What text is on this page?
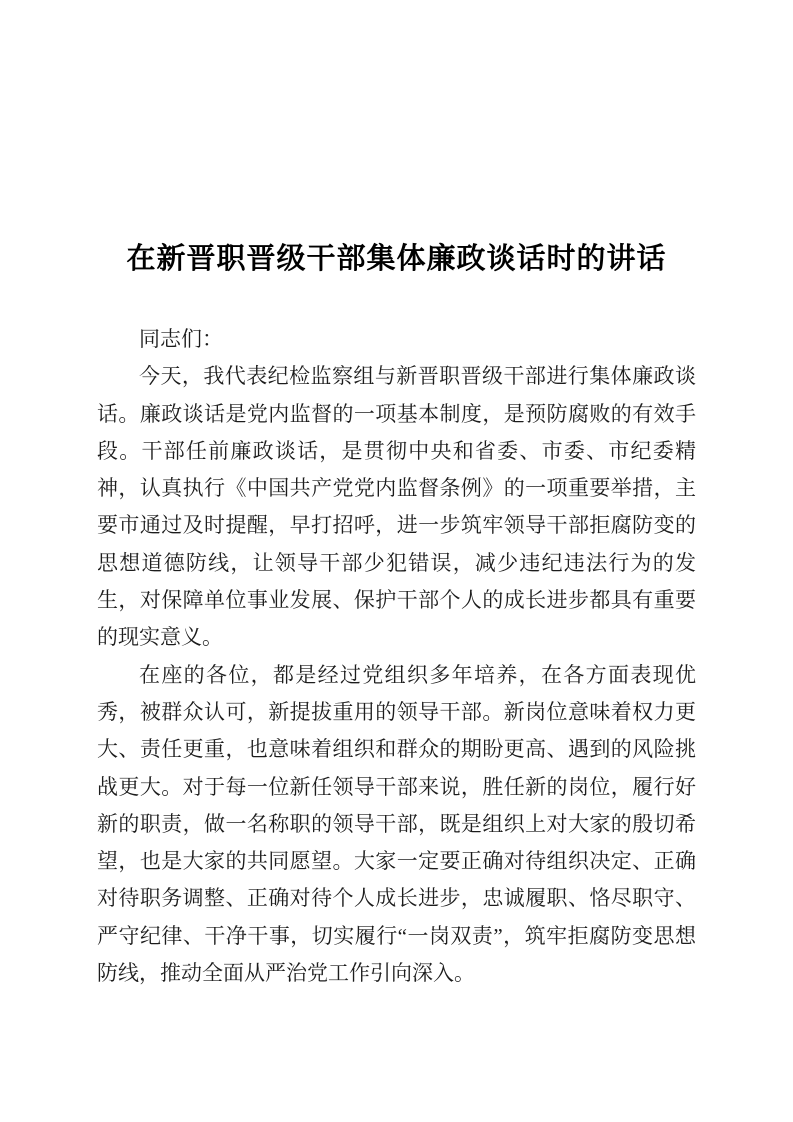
在新晋职晋级干部集体廉政谈话时的讲话

同志们：

今天，我代表纪检监察组与新晋职晋级干部进行集体廉政谈话。廉政谈话是党内监督的一项基本制度，是预防腐败的有效手段。干部任前廉政谈话，是贯彻中央和省委、市委、市纪委精神，认真执行《中国共产党党内监督条例》的一项重要举措，主要市通过及时提醒，早打招呼，进一步筑牢领导干部拒腐防变的思想道德防线，让领导干部少犯错误，减少违纪违法行为的发生，对保障单位事业发展、保护干部个人的成长进步都具有重要的现实意义。

在座的各位，都是经过党组织多年培养，在各方面表现优秀，被群众认可，新提拔重用的领导干部。新岗位意味着权力更大、责任更重，也意味着组织和群众的期盼更高、遇到的风险挑战更大。对于每一位新任领导干部来说，胜任新的岗位，履行好新的职责，做一名称职的领导干部，既是组织上对大家的殷切希望，也是大家的共同愿望。大家一定要正确对待组织决定、正确对待职务调整、正确对待个人成长进步，忠诚履职、恪尽职守、严守纪律、干净干事，切实履行“一岗双责”，筑牢拒腐防变思想防线，推动全面从严治党工作引向深入。
